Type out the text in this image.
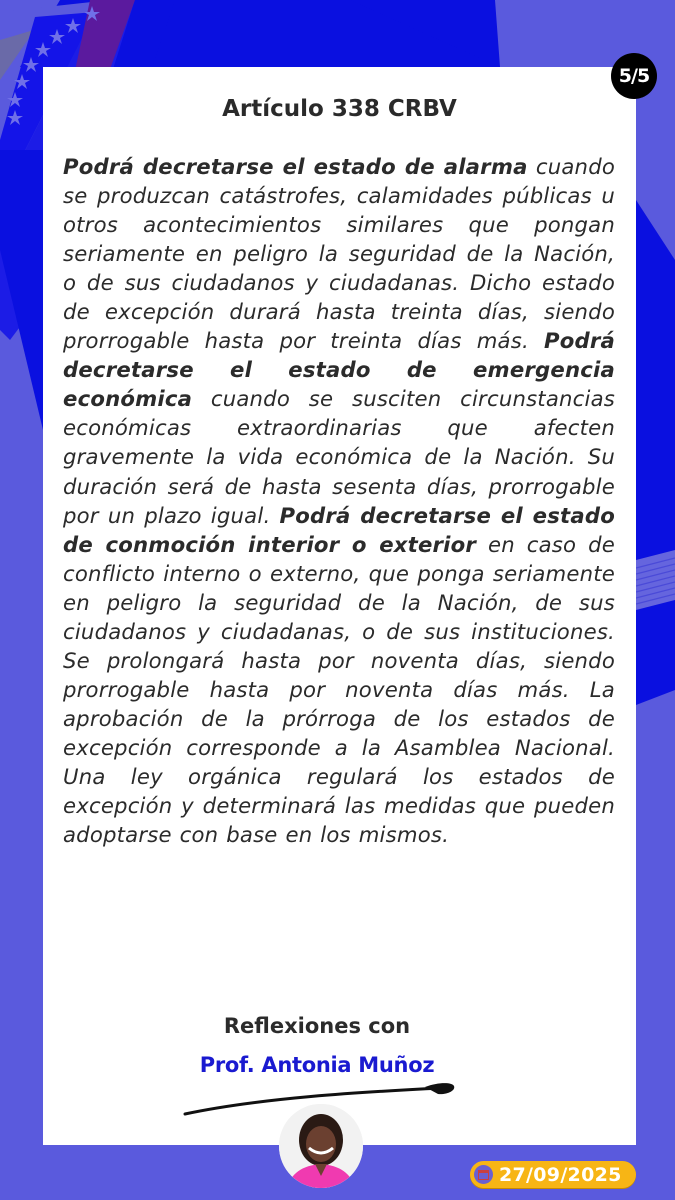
5/5
Artículo 338 CRBV
Podrá decretarse el estado de alarma cuando se produzcan catástrofes, calamidades públicas u otros acontecimientos similares que pongan seriamente en peligro la seguridad de la Nación, o de sus ciudadanos y ciudadanas. Dicho estado de excepción durará hasta treinta días, siendo prorrogable hasta por treinta días más. Podrá decretarse el estado de emergencia económica cuando se susciten circunstancias económicas extraordinarias que afecten gravemente la vida económica de la Nación. Su duración será de hasta sesenta días, prorrogable por un plazo igual. Podrá decretarse el estado de conmoción interior o exterior en caso de conflicto interno o externo, que ponga seriamente en peligro la seguridad de la Nación, de sus ciudadanos y ciudadanas, o de sus instituciones. Se prolongará hasta por noventa días, siendo prorrogable hasta por noventa días más. La aprobación de la prórroga de los estados de excepción corresponde a la Asamblea Nacional. Una ley orgánica regulará los estados de excepción y determinará las medidas que pueden adoptarse con base en los mismos.
Reflexiones con
Prof. Antonia Muñoz
27/09/2025
